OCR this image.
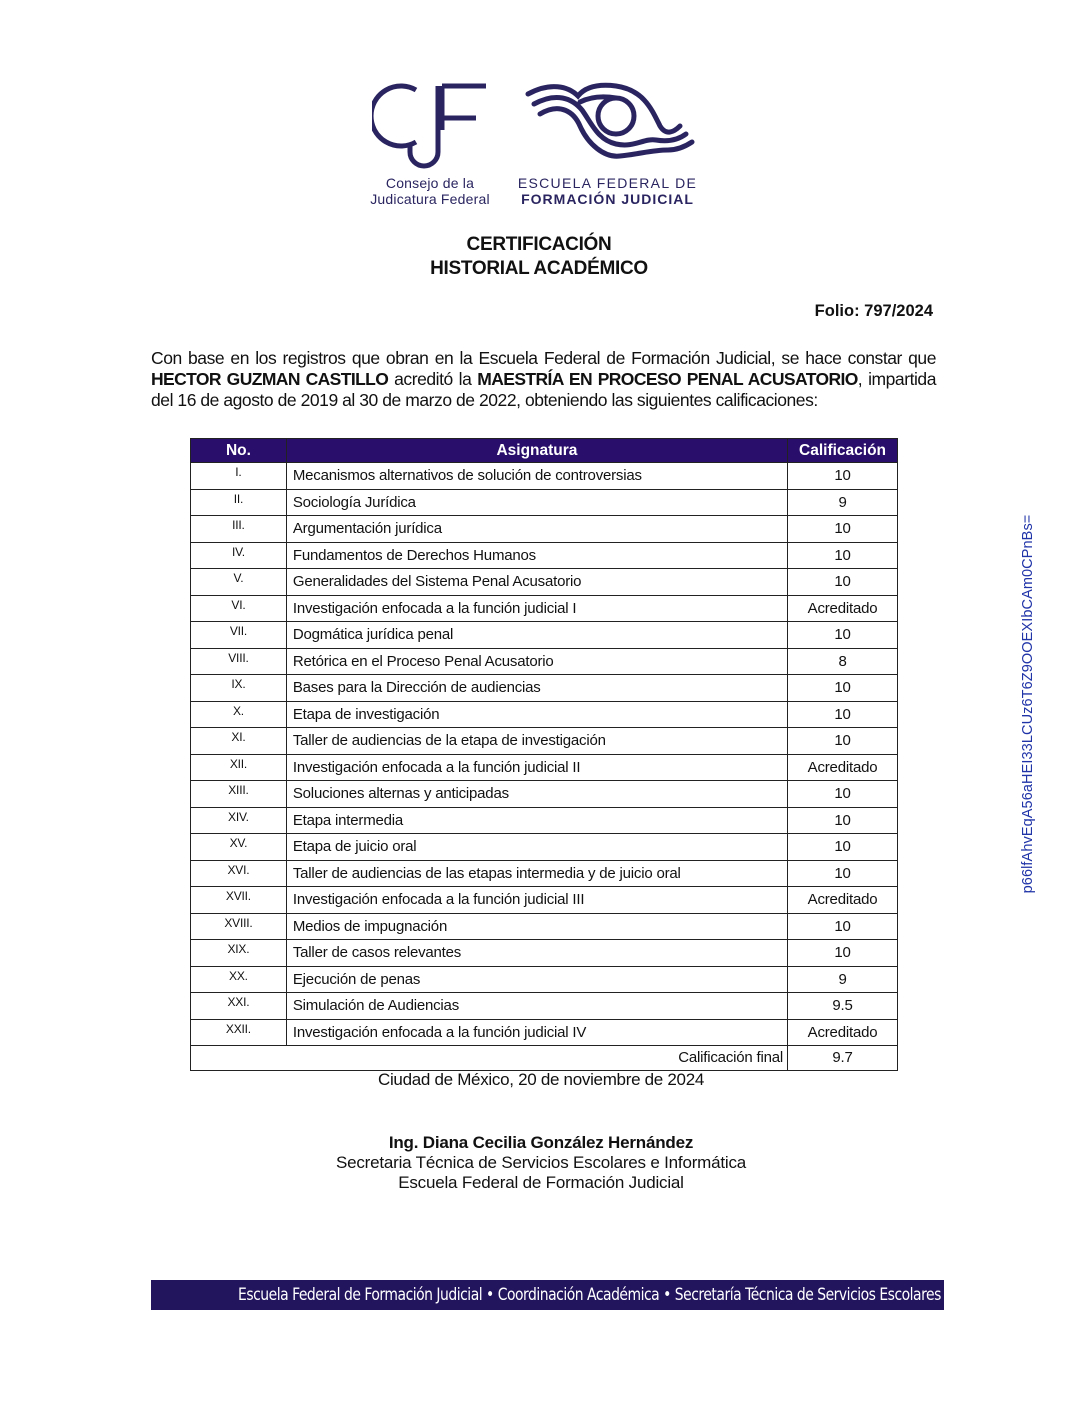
Consejo de la
Judicatura Federal
ESCUELA FEDERAL DE
FORMACIÓN JUDICIAL
CERTIFICACIÓN
HISTORIAL ACADÉMICO
Folio: 797/2024
Con base en los registros que obran en la Escuela Federal de Formación Judicial, se hace constar que HECTOR GUZMAN CASTILLO acreditó la MAESTRÍA EN PROCESO PENAL ACUSATORIO, impartida del 16 de agosto de 2019 al 30 de marzo de 2022, obteniendo las siguientes calificaciones:
No.	Asignatura	Calificación
I.	Mecanismos alternativos de solución de controversias	10
II.	Sociología Jurídica	9
III.	Argumentación jurídica	10
IV.	Fundamentos de Derechos Humanos	10
V.	Generalidades del Sistema Penal Acusatorio	10
VI.	Investigación enfocada a la función judicial I	Acreditado
VII.	Dogmática jurídica penal	10
VIII.	Retórica en el Proceso Penal Acusatorio	8
IX.	Bases para la Dirección de audiencias	10
X.	Etapa de investigación	10
XI.	Taller de audiencias de la etapa de investigación	10
XII.	Investigación enfocada a la función judicial II	Acreditado
XIII.	Soluciones alternas y anticipadas	10
XIV.	Etapa intermedia	10
XV.	Etapa de juicio oral	10
XVI.	Taller de audiencias de las etapas intermedia y de juicio oral	10
XVII.	Investigación enfocada a la función judicial III	Acreditado
XVIII.	Medios de impugnación	10
XIX.	Taller de casos relevantes	10
XX.	Ejecución de penas	9
XXI.	Simulación de Audiencias	9.5
XXII.	Investigación enfocada a la función judicial IV	Acreditado
Calificación final		9.7
Ciudad de México, 20 de noviembre de 2024
Ing. Diana Cecilia González Hernández
Secretaria Técnica de Servicios Escolares e Informática
Escuela Federal de Formación Judicial
p66lfAhvEqA56aHEI33LCUz6T6Z9OOEXIbCAm0CPnBs=
Escuela Federal de Formación Judicial • Coordinación Académica • Secretaría Técnica de Servicios Escolares e Informática
